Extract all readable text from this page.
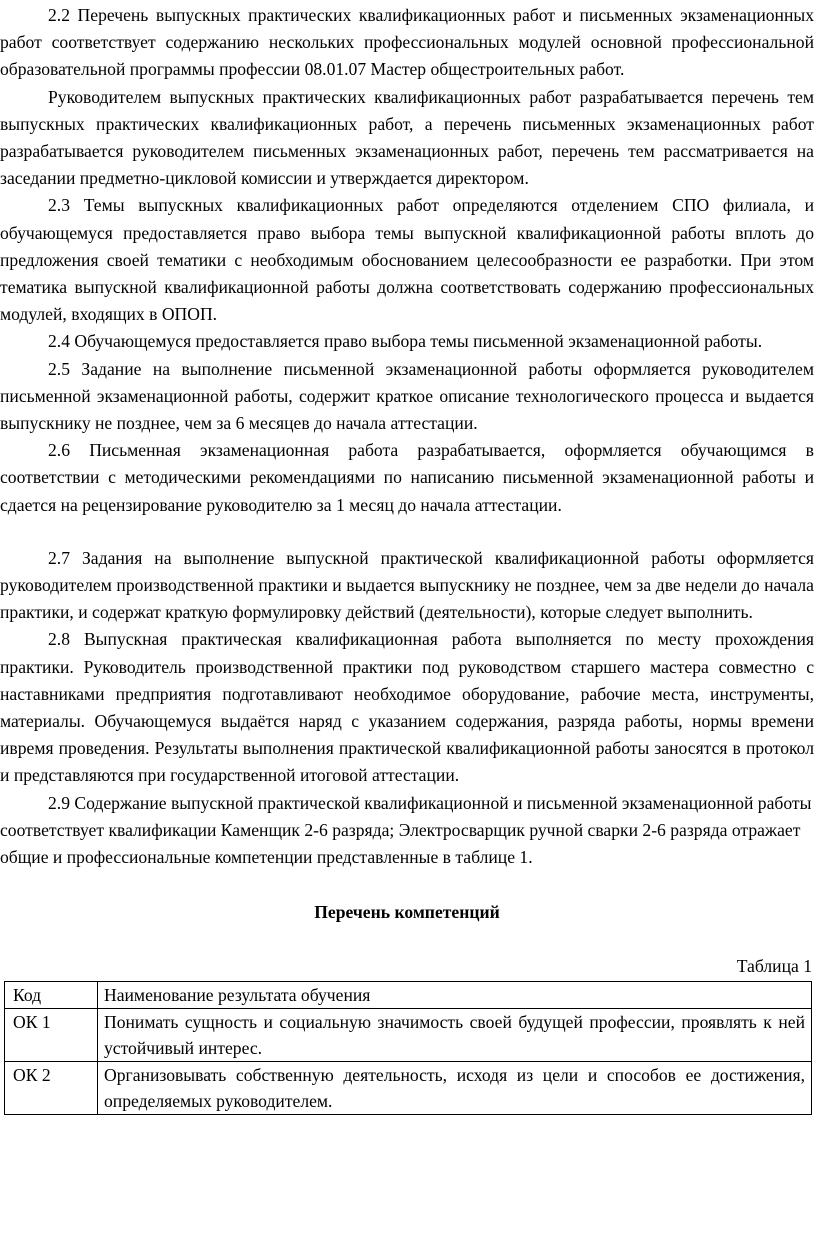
2.2 Перечень выпускных практических квалификационных работ и письменных экзаменационных работ соответствует содержанию нескольких профессиональных модулей основной профессиональной образовательной программы профессии 08.01.07 Мастер общестроительных работ.

Руководителем выпускных практических квалификационных работ разрабатывается перечень тем выпускных практических квалификационных работ, а перечень письменных экзаменационных работ разрабатывается руководителем письменных экзаменационных работ, перечень тем рассматривается на заседании предметно-цикловой комиссии и утверждается директором.

2.3 Темы выпускных квалификационных работ определяются отделением СПО филиала, и обучающемуся предоставляется право выбора темы выпускной квалификационной работы вплоть до предложения своей тематики с необходимым обоснованием целесообразности ее разработки. При этом тематика выпускной квалификационной работы должна соответствовать содержанию профессиональных модулей, входящих в ОПОП.

2.4 Обучающемуся предоставляется право выбора темы письменной экзаменационной работы.

2.5 Задание на выполнение письменной экзаменационной работы оформляется руководителем письменной экзаменационной работы, содержит краткое описание технологического процесса и выдается выпускнику не позднее, чем за 6 месяцев до начала аттестации.

2.6 Письменная экзаменационная работа разрабатывается, оформляется обучающимся в соответствии с методическими рекомендациями по написанию письменной экзаменационной работы и сдается на рецензирование руководителю за 1 месяц до начала аттестации.

2.7 Задания на выполнение выпускной практической квалификационной работы оформляется руководителем производственной практики и выдается выпускнику не позднее, чем за две недели до начала практики, и содержат краткую формулировку действий (деятельности), которые следует выполнить.

2.8 Выпускная практическая квалификационная работа выполняется по месту прохождения практики. Руководитель производственной практики под руководством старшего мастера совместно с наставниками предприятия подготавливают необходимое оборудование, рабочие места, инструменты, материалы. Обучающемуся выдаётся наряд с указанием содержания, разряда работы, нормы времени ивремя проведения. Результаты выполнения практической квалификационной работы заносятся в протокол и представляются при государственной итоговой аттестации.

2.9 Содержание выпускной практической квалификационной и письменной экзаменационной работы соответствует квалификации Каменщик 2-6 разряда; Электросварщик ручной сварки 2-6 разряда отражает общие и профессиональные компетенции представленные в таблице 1.

Перечень компетенций

Таблица 1

Код	Наименование результата обучения
ОК 1	Понимать сущность и социальную значимость своей будущей профессии, проявлять к ней устойчивый интерес.
ОК 2	Организовывать собственную деятельность, исходя из цели и способов ее достижения, определяемых руководителем.
